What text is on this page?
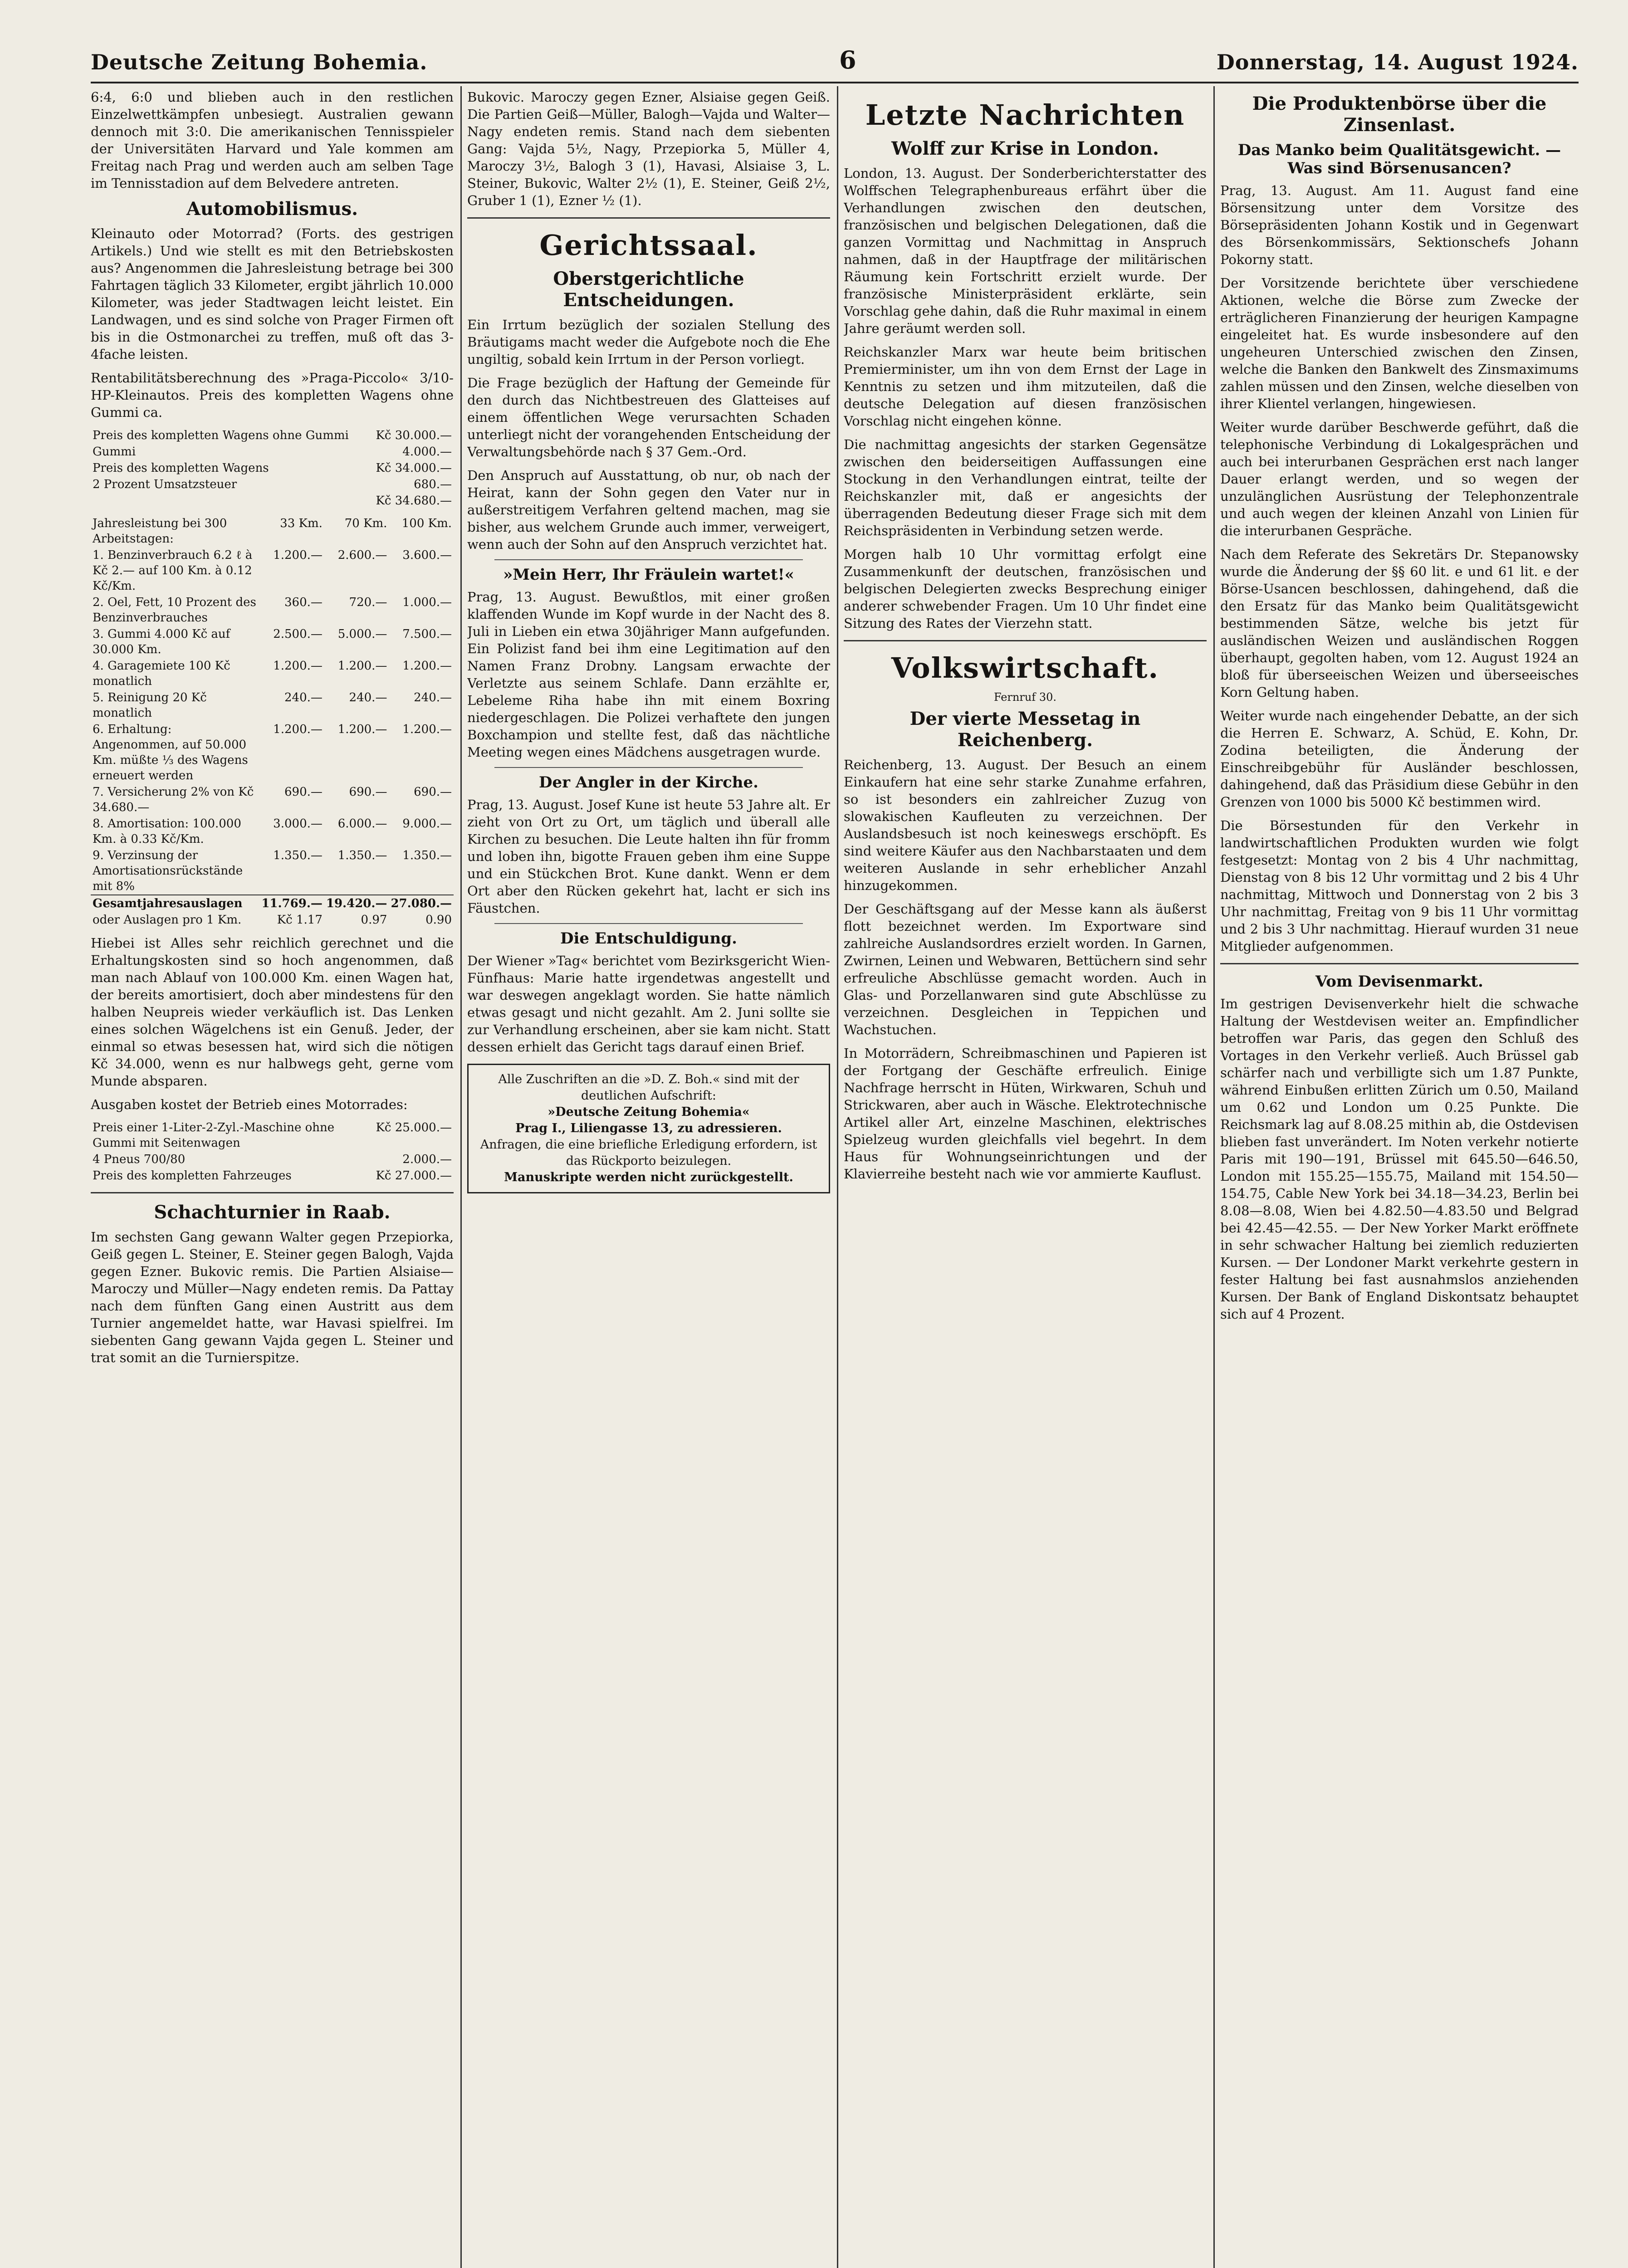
Deutsche Zeitung Bohemia.	6	Donnerstag, 14. August 1924.

6:4, 6:0 und blieben auch in den restlichen Einzelwettkämpfen unbesiegt. Australien gewann dennoch mit 3:0. Die amerikanischen Tennisspieler der Universitäten Harvard und Yale kommen am Freitag nach Prag und werden auch am selben Tage im Tennisstadion auf dem Belvedere antreten.

Automobilismus.

Kleinauto oder Motorrad? (Forts. des gestrigen Artikels.) Und wie stellt es mit den Betriebskosten aus? Angenommen die Jahresleistung betrage bei 300 Fahrtagen täglich 33 Kilometer, ergibt jährlich 10.000 Kilometer, was jeder Stadtwagen leicht leistet. Ein Landwagen, und es sind solche von Prager Firmen oft bis in die Ostmonarchei zu treffen, muß oft das 3-4fache leisten.

Rentabilitätsberechnung des »Praga-Piccolo« 3/10-HP-Kleinautos. Preis des kompletten Wagens ohne Gummi ca.

Preis des kompletten Wagens ohne Gummi	Kč 30.000.—
Gummi	4.000.—
Preis des kompletten Wagens	Kč 34.000.—
2 Prozent Umsatzsteuer	680.—
	Kč 34.680.—
Jahresleistung bei 300 Arbeitstagen:	33 Km.	70 Km.	100 Km.
1. Benzinverbrauch 6.2 ℓ à Kč 2.— auf 100 Km. à 0.12 Kč/Km.	1.200.—	2.600.—	3.600.—
2. Oel, Fett, 10 Prozent des Benzinverbrauches	360.—	720.—	1.000.—
3. Gummi 4.000 Kč auf 30.000 Km.	2.500.—	5.000.—	7.500.—
4. Garagemiete 100 Kč monatlich	1.200.—	1.200.—	1.200.—
5. Reinigung 20 Kč monatlich	240.—	240.—	240.—
6. Erhaltung: Angenommen, auf 50.000 Km. müßte ⅓ des Wagens erneuert werden	1.200.—	1.200.—	1.200.—
7. Versicherung 2% von Kč 34.680.—	690.—	690.—	690.—
8. Amortisation: 100.000 Km. à 0.33 Kč/Km.	3.000.—	6.000.—	9.000.—
9. Verzinsung der Amortisationsrückstände mit 8%	1.350.—	1.350.—	1.350.—
Gesamtjahresauslagen	11.769.—	19.420.—	27.080.—
oder Auslagen pro 1 Km.	Kč 1.17	0.97	0.90

Hiebei ist Alles sehr reichlich gerechnet und die Erhaltungskosten sind so hoch angenommen, daß man nach Ablauf von 100.000 Km. einen Wagen hat, der bereits amortisiert, doch aber mindestens für den halben Neupreis wieder verkäuflich ist. Das Lenken eines solchen Wägelchens ist ein Genuß. Jeder, der einmal so etwas besessen hat, wird sich die nötigen Kč 34.000, wenn es nur halbwegs geht, gerne vom Munde absparen.

Ausgaben kostet der Betrieb eines Motorrades:

Preis einer 1-Liter-2-Zyl.-Maschine ohne Gummi mit Seitenwagen	Kč 25.000.—
4 Pneus 700/80	2.000.—
Preis des kompletten Fahrzeuges	Kč 27.000.—
Schachturnier in Raab.

Im sechsten Gang gewann Walter gegen Przepiorka, Geiß gegen L. Steiner, E. Steiner gegen Balogh, Vajda gegen Ezner. Bukovic remis. Die Partien Alsiaise—Maroczy und Müller—Nagy endeten remis. Da Pattay nach dem fünften Gang einen Austritt aus dem Turnier angemeldet hatte, war Havasi spielfrei. Im siebenten Gang gewann Vajda gegen L. Steiner und trat somit an die Turnierspitze.

Bukovic. Maroczy gegen Ezner, Alsiaise gegen Geiß. Die Partien Geiß—Müller, Balogh—Vajda und Walter—Nagy endeten remis. Stand nach dem siebenten Gang: Vajda 5½, Nagy, Przepiorka 5, Müller 4, Maroczy 3½, Balogh 3 (1), Havasi, Alsiaise 3, L. Steiner, Bukovic, Walter 2½ (1), E. Steiner, Geiß 2½, Gruber 1 (1), Ezner ½ (1).

Gerichtssaal.
Oberstgerichtliche Entscheidungen.

Ein Irrtum bezüglich der sozialen Stellung des Bräutigams macht weder die Aufgebote noch die Ehe ungiltig, sobald kein Irrtum in der Person vorliegt.

Die Frage bezüglich der Haftung der Gemeinde für den durch das Nichtbestreuen des Glatteises auf einem öffentlichen Wege verursachten Schaden unterliegt nicht der vorangehenden Entscheidung der Verwaltungsbehörde nach § 37 Gem.-Ord.

Den Anspruch auf Ausstattung, ob nur, ob nach der Heirat, kann der Sohn gegen den Vater nur in außerstreitigem Verfahren geltend machen, mag sie bisher, aus welchem Grunde auch immer, verweigert, wenn auch der Sohn auf den Anspruch verzichtet hat.

»Mein Herr, Ihr Fräulein wartet!«

Prag, 13. August. Bewußtlos, mit einer großen klaffenden Wunde im Kopf wurde in der Nacht des 8. Juli in Lieben ein etwa 30jähriger Mann aufgefunden. Ein Polizist fand bei ihm eine Legitimation auf den Namen Franz Drobny. Langsam erwachte der Verletzte aus seinem Schlafe. Dann erzählte er, Lebeleme Riha habe ihn mit einem Boxring niedergeschlagen. Die Polizei verhaftete den jungen Boxchampion und stellte fest, daß das nächtliche Meeting wegen eines Mädchens ausgetragen wurde.

Der Angler in der Kirche.

Prag, 13. August. Josef Kune ist heute 53 Jahre alt. Er zieht von Ort zu Ort, um täglich und überall alle Kirchen zu besuchen. Die Leute halten ihn für fromm und loben ihn, bigotte Frauen geben ihm eine Suppe und ein Stückchen Brot. Kune dankt. Wenn er dem Ort aber den Rücken gekehrt hat, lacht er sich ins Fäustchen.

Die Entschuldigung.

Der Wiener »Tag« berichtet vom Bezirksgericht Wien-Fünfhaus: Marie hatte irgendetwas angestellt und war deswegen angeklagt worden. Sie hatte nämlich etwas gesagt und nicht gezahlt. Am 2. Juni sollte sie zur Verhandlung erscheinen, aber sie kam nicht. Statt dessen erhielt das Gericht tags darauf einen Brief.

Alle Zuschriften an die »D. Z. Boh.« sind mit der deutlichen Aufschrift:
»Deutsche Zeitung Bohemia«
Prag I., Liliengasse 13, zu adressieren.
Anfragen, die eine briefliche Erledigung erfordern, ist das Rückporto beizulegen.
Manuskripte werden nicht zurückgestellt.
Letzte Nachrichten
Wolff zur Krise in London.

London, 13. August. Der Sonderberichterstatter des Wolffschen Telegraphenbureaus erfährt über die Verhandlungen zwischen den deutschen, französischen und belgischen Delegationen, daß die ganzen Vormittag und Nachmittag in Anspruch nahmen, daß in der Hauptfrage der militärischen Räumung kein Fortschritt erzielt wurde. Der französische Ministerpräsident erklärte, sein Vorschlag gehe dahin, daß die Ruhr maximal in einem Jahre geräumt werden soll.

Reichskanzler Marx war heute beim britischen Premierminister, um ihn von dem Ernst der Lage in Kenntnis zu setzen und ihm mitzuteilen, daß die deutsche Delegation auf diesen französischen Vorschlag nicht eingehen könne.

Die nachmittag angesichts der starken Gegensätze zwischen den beiderseitigen Auffassungen eine Stockung in den Verhandlungen eintrat, teilte der Reichskanzler mit, daß er angesichts der überragenden Bedeutung dieser Frage sich mit dem Reichspräsidenten in Verbindung setzen werde.

Morgen halb 10 Uhr vormittag erfolgt eine Zusammenkunft der deutschen, französischen und belgischen Delegierten zwecks Besprechung einiger anderer schwebender Fragen. Um 10 Uhr findet eine Sitzung des Rates der Vierzehn statt.

Volkswirtschaft.
Fernruf 30.
Der vierte Messetag in Reichenberg.

Reichenberg, 13. August. Der Besuch an einem Einkaufern hat eine sehr starke Zunahme erfahren, so ist besonders ein zahlreicher Zuzug von slowakischen Kaufleuten zu verzeichnen. Der Auslandsbesuch ist noch keineswegs erschöpft. Es sind weitere Käufer aus den Nachbarstaaten und dem weiteren Auslande in sehr erheblicher Anzahl hinzugekommen.

Der Geschäftsgang auf der Messe kann als äußerst flott bezeichnet werden. Im Exportware sind zahlreiche Auslandsordres erzielt worden. In Garnen, Zwirnen, Leinen und Webwaren, Bettüchern sind sehr erfreuliche Abschlüsse gemacht worden. Auch in Glas- und Porzellanwaren sind gute Abschlüsse zu verzeichnen. Desgleichen in Teppichen und Wachstuchen.

In Motorrädern, Schreibmaschinen und Papieren ist der Fortgang der Geschäfte erfreulich. Einige Nachfrage herrscht in Hüten, Wirkwaren, Schuh und Strickwaren, aber auch in Wäsche. Elektrotechnische Artikel aller Art, einzelne Maschinen, elektrisches Spielzeug wurden gleichfalls viel begehrt. In dem Haus für Wohnungseinrichtungen und der Klavierreihe besteht nach wie vor ammierte Kauflust.

Die Produktenbörse über die Zinsenlast.
Das Manko beim Qualitätsgewicht. — Was sind Börsenusancen?

Prag, 13. August. Am 11. August fand eine Börsensitzung unter dem Vorsitze des Börsepräsidenten Johann Kostik und in Gegenwart des Börsenkommissärs, Sektionschefs Johann Pokorny statt.

Der Vorsitzende berichtete über verschiedene Aktionen, welche die Börse zum Zwecke der erträglicheren Finanzierung der heurigen Kampagne eingeleitet hat. Es wurde insbesondere auf den ungeheuren Unterschied zwischen den Zinsen, welche die Banken den Bankwelt des Zinsmaximums zahlen müssen und den Zinsen, welche dieselben von ihrer Klientel verlangen, hingewiesen.

Weiter wurde darüber Beschwerde geführt, daß die telephonische Verbindung di Lokalgesprächen und auch bei interurbanen Gesprächen erst nach langer Dauer erlangt werden, und so wegen der unzulänglichen Ausrüstung der Telephonzentrale und auch wegen der kleinen Anzahl von Linien für die interurbanen Gespräche.

Nach dem Referate des Sekretärs Dr. Stepanowsky wurde die Änderung der §§ 60 lit. e und 61 lit. e der Börse-Usancen beschlossen, dahingehend, daß die den Ersatz für das Manko beim Qualitätsgewicht bestimmenden Sätze, welche bis jetzt für ausländischen Weizen und ausländischen Roggen überhaupt, gegolten haben, vom 12. August 1924 an bloß für überseeischen Weizen und überseeisches Korn Geltung haben.

Weiter wurde nach eingehender Debatte, an der sich die Herren E. Schwarz, A. Schüd, E. Kohn, Dr. Zodina beteiligten, die Änderung der Einschreibgebühr für Ausländer beschlossen, dahingehend, daß das Präsidium diese Gebühr in den Grenzen von 1000 bis 5000 Kč bestimmen wird.

Die Börsestunden für den Verkehr in landwirtschaftlichen Produkten wurden wie folgt festgesetzt: Montag von 2 bis 4 Uhr nachmittag, Dienstag von 8 bis 12 Uhr vormittag und 2 bis 4 Uhr nachmittag, Mittwoch und Donnerstag von 2 bis 3 Uhr nachmittag, Freitag von 9 bis 11 Uhr vormittag und 2 bis 3 Uhr nachmittag. Hierauf wurden 31 neue Mitglieder aufgenommen.

Vom Devisenmarkt.

Im gestrigen Devisenverkehr hielt die schwache Haltung der Westdevisen weiter an. Empfindlicher betroffen war Paris, das gegen den Schluß des Vortages in den Verkehr verließ. Auch Brüssel gab schärfer nach und verbilligte sich um 1.87 Punkte, während Einbußen erlitten Zürich um 0.50, Mailand um 0.62 und London um 0.25 Punkte. Die Reichsmark lag auf 8.08.25 mithin ab, die Ostdevisen blieben fast unverändert. Im Noten verkehr notierte Paris mit 190—191, Brüssel mit 645.50—646.50, London mit 155.25—155.75, Mailand mit 154.50—154.75, Cable New York bei 34.18—34.23, Berlin bei 8.08—8.08, Wien bei 4.82.50—4.83.50 und Belgrad bei 42.45—42.55. — Der New Yorker Markt eröffnete in sehr schwacher Haltung bei ziemlich reduzierten Kursen. — Der Londoner Markt verkehrte gestern in fester Haltung bei fast ausnahmslos anziehenden Kursen. Der Bank of England Diskontsatz behauptet sich auf 4 Prozent.
